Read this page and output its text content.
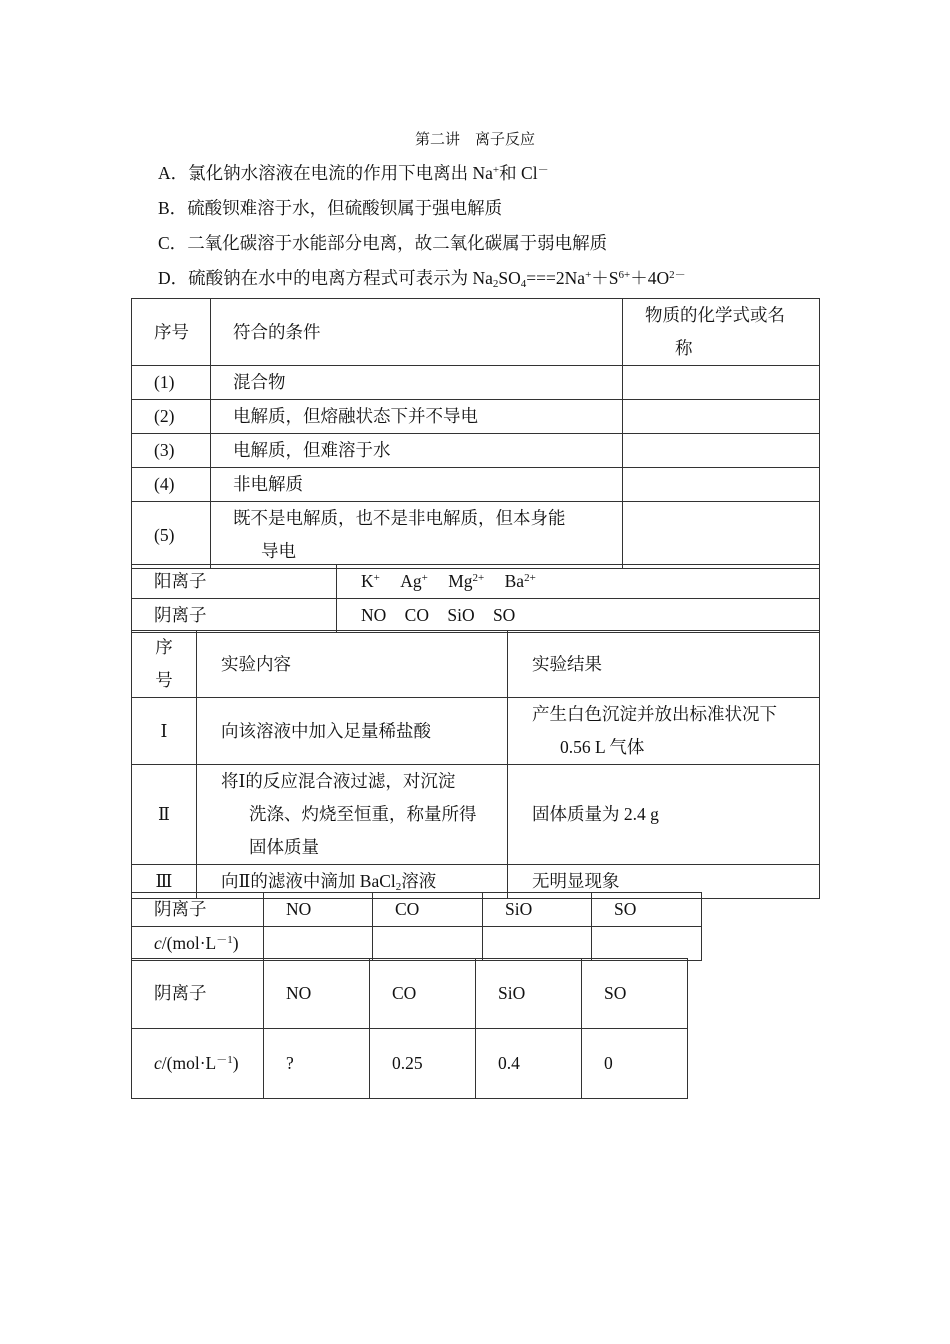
第二讲　离子反应
A．氯化钠水溶液在电流的作用下电离出 Na+和 Cl－
B．硫酸钡难溶于水，但硫酸钡属于强电解质
C．二氧化碳溶于水能部分电离，故二氧化碳属于弱电解质
D．硫酸钠在水中的电离方程式可表示为 $Na_2SO_4===2Na^++S^{6+}+4O^{2-}$
序号	符合的条件	物质的化学式或名
称
(1)	混合物	
(2)	电解质，但熔融状态下并不导电	
(3)	电解质，但难溶于水	
(4)	非电解质	
(5)	既不是电解质，也不是非电解质，但本身能
导电	
阳离子	K+ Ag+ $Mg^{2+}$ $Ba^{2+}$
阴离子	NO CO SiO SO
序
号	实验内容	实验结果
Ⅰ	向该溶液中加入足量稀盐酸	产生白色沉淀并放出标准状况下
0.56 L 气体

Ⅱ	将Ⅰ的反应混合液过滤，对沉淀
洗涤、灼烧至恒重，称量所得
固体质量	固体质量为 2.4 g
Ⅲ	向Ⅱ的滤液中滴加 BaCl$_2$溶液	无明显现象
阴离子	NO	CO	SiO	SO
$c/(mol\cdot L^{-1})$				
阴离子	NO	CO	SiO	SO
$c/(mol\cdot L^{-1})$	?	0.25	0.4	0
